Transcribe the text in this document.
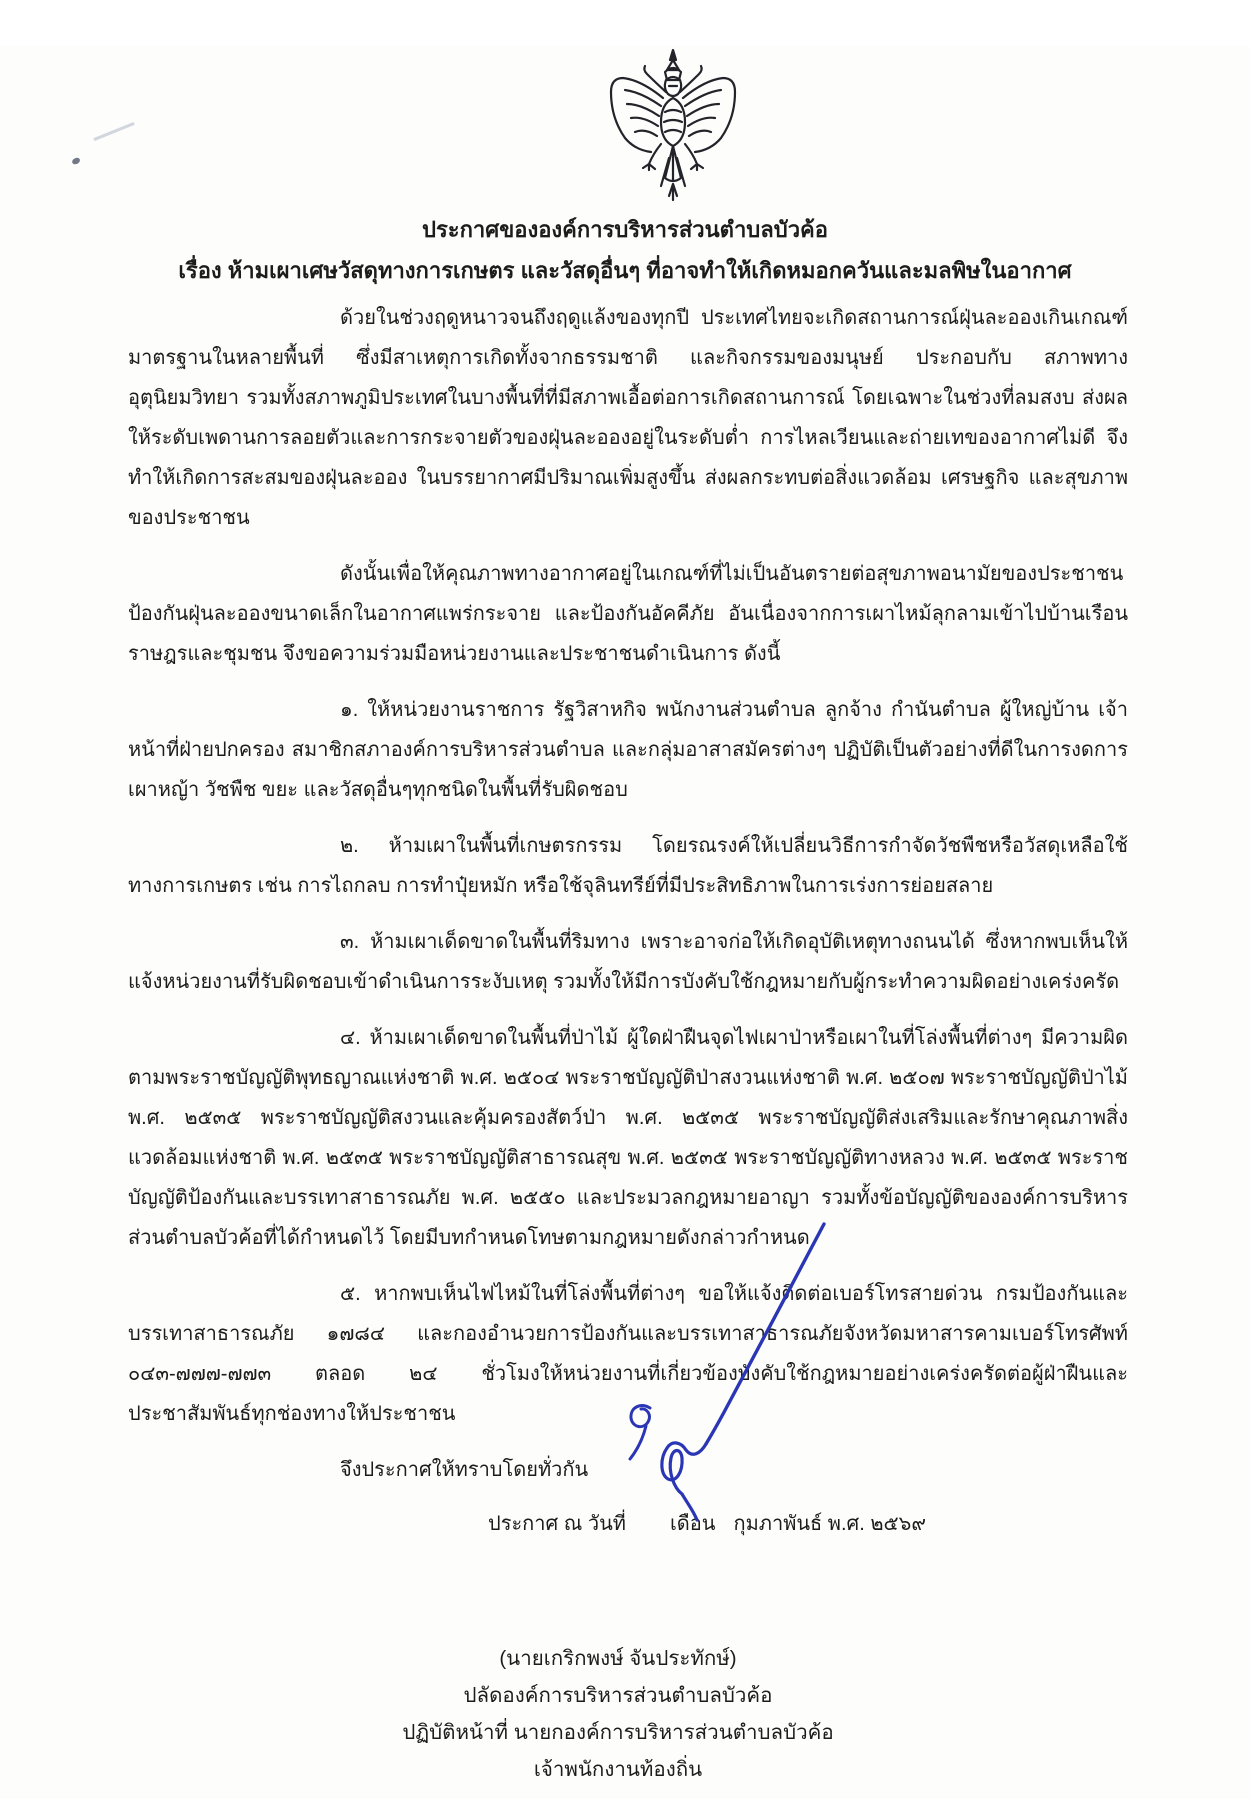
ประกาศขององค์การบริหารส่วนตำบลบัวค้อ
เรื่อง ห้ามเผาเศษวัสดุทางการเกษตร และวัสดุอื่นๆ ที่อาจทำให้เกิดหมอกควันและมลพิษในอากาศ

ด้วยในช่วงฤดูหนาวจนถึงฤดูแล้งของทุกปี ประเทศไทยจะเกิดสถานการณ์ฝุ่นละอองเกินเกณฑ์มาตรฐานในหลายพื้นที่ ซึ่งมีสาเหตุการเกิดทั้งจากธรรมชาติ และกิจกรรมของมนุษย์ ประกอบกับ สภาพทางอุตุนิยมวิทยา รวมทั้งสภาพภูมิประเทศในบางพื้นที่ที่มีสภาพเอื้อต่อการเกิดสถานการณ์ โดยเฉพาะในช่วงที่ลมสงบ ส่งผลให้ระดับเพดานการลอยตัวและการกระจายตัวของฝุ่นละอองอยู่ในระดับต่ำ การไหลเวียนและถ่ายเทของอากาศไม่ดี จึงทำให้เกิดการสะสมของฝุ่นละออง ในบรรยากาศมีปริมาณเพิ่มสูงขึ้น ส่งผลกระทบต่อสิ่งแวดล้อม เศรษฐกิจ และสุขภาพของประชาชน

ดังนั้นเพื่อให้คุณภาพทางอากาศอยู่ในเกณฑ์ที่ไม่เป็นอันตรายต่อสุขภาพอนามัยของประชาชน ป้องกันฝุ่นละอองขนาดเล็กในอากาศแพร่กระจาย และป้องกันอัคคีภัย อันเนื่องจากการเผาไหม้ลุกลามเข้าไปบ้านเรือนราษฎรและชุมชน จึงขอความร่วมมือหน่วยงานและประชาชนดำเนินการ ดังนี้

๑. ให้หน่วยงานราชการ รัฐวิสาหกิจ พนักงานส่วนตำบล ลูกจ้าง กำนันตำบล ผู้ใหญ่บ้าน เจ้าหน้าที่ฝ่ายปกครอง สมาชิกสภาองค์การบริหารส่วนตำบล และกลุ่มอาสาสมัครต่างๆ ปฏิบัติเป็นตัวอย่างที่ดีในการงดการเผาหญ้า วัชพืช ขยะ และวัสดุอื่นๆทุกชนิดในพื้นที่รับผิดชอบ

๒. ห้ามเผาในพื้นที่เกษตรกรรม โดยรณรงค์ให้เปลี่ยนวิธีการกำจัดวัชพืชหรือวัสดุเหลือใช้ทางการเกษตร เช่น การไถกลบ การทำปุ๋ยหมัก หรือใช้จุลินทรีย์ที่มีประสิทธิภาพในการเร่งการย่อยสลาย

๓. ห้ามเผาเด็ดขาดในพื้นที่ริมทาง เพราะอาจก่อให้เกิดอุบัติเหตุทางถนนได้ ซึ่งหากพบเห็นให้แจ้งหน่วยงานที่รับผิดชอบเข้าดำเนินการระงับเหตุ รวมทั้งให้มีการบังคับใช้กฎหมายกับผู้กระทำความผิดอย่างเคร่งครัด

๔. ห้ามเผาเด็ดขาดในพื้นที่ป่าไม้ ผู้ใดฝ่าฝืนจุดไฟเผาป่าหรือเผาในที่โล่งพื้นที่ต่างๆ มีความผิดตามพระราชบัญญัติพุทธญาณแห่งชาติ พ.ศ. ๒๕๐๔ พระราชบัญญัติป่าสงวนแห่งชาติ พ.ศ. ๒๕๐๗ พระราชบัญญัติป่าไม้ พ.ศ. ๒๕๓๕ พระราชบัญญัติสงวนและคุ้มครองสัตว์ป่า พ.ศ. ๒๕๓๕ พระราชบัญญัติส่งเสริมและรักษาคุณภาพสิ่งแวดล้อมแห่งชาติ พ.ศ. ๒๕๓๕ พระราชบัญญัติสาธารณสุข พ.ศ. ๒๕๓๕ พระราชบัญญัติทางหลวง พ.ศ. ๒๕๓๕ พระราชบัญญัติป้องกันและบรรเทาสาธารณภัย พ.ศ. ๒๕๕๐ และประมวลกฎหมายอาญา รวมทั้งข้อบัญญัติขององค์การบริหารส่วนตำบลบัวค้อที่ได้กำหนดไว้ โดยมีบทกำหนดโทษตามกฎหมายดังกล่าวกำหนด

๕. หากพบเห็นไฟไหม้ในที่โล่งพื้นที่ต่างๆ ขอให้แจ้งติดต่อเบอร์โทรสายด่วน กรมป้องกันและบรรเทาสาธารณภัย ๑๗๘๔ และกองอำนวยการป้องกันและบรรเทาสาธารณภัยจังหวัดมหาสารคามเบอร์โทรศัพท์ ๐๔๓-๗๗๗-๗๗๓ ตลอด ๒๔ ชั่วโมงให้หน่วยงานที่เกี่ยวข้องบังคับใช้กฎหมายอย่างเคร่งครัดต่อผู้ฝ่าฝืนและประชาสัมพันธ์ทุกช่องทางให้ประชาชน

จึงประกาศให้ทราบโดยทั่วกัน
ประกาศ ณ วันที่ เดือน กุมภาพันธ์ พ.ศ. ๒๕๖๙
(นายเกริกพงษ์ จันประทักษ์)
ปลัดองค์การบริหารส่วนตำบลบัวค้อ
ปฏิบัติหน้าที่ นายกองค์การบริหารส่วนตำบลบัวค้อ
เจ้าพนักงานท้องถิ่น
